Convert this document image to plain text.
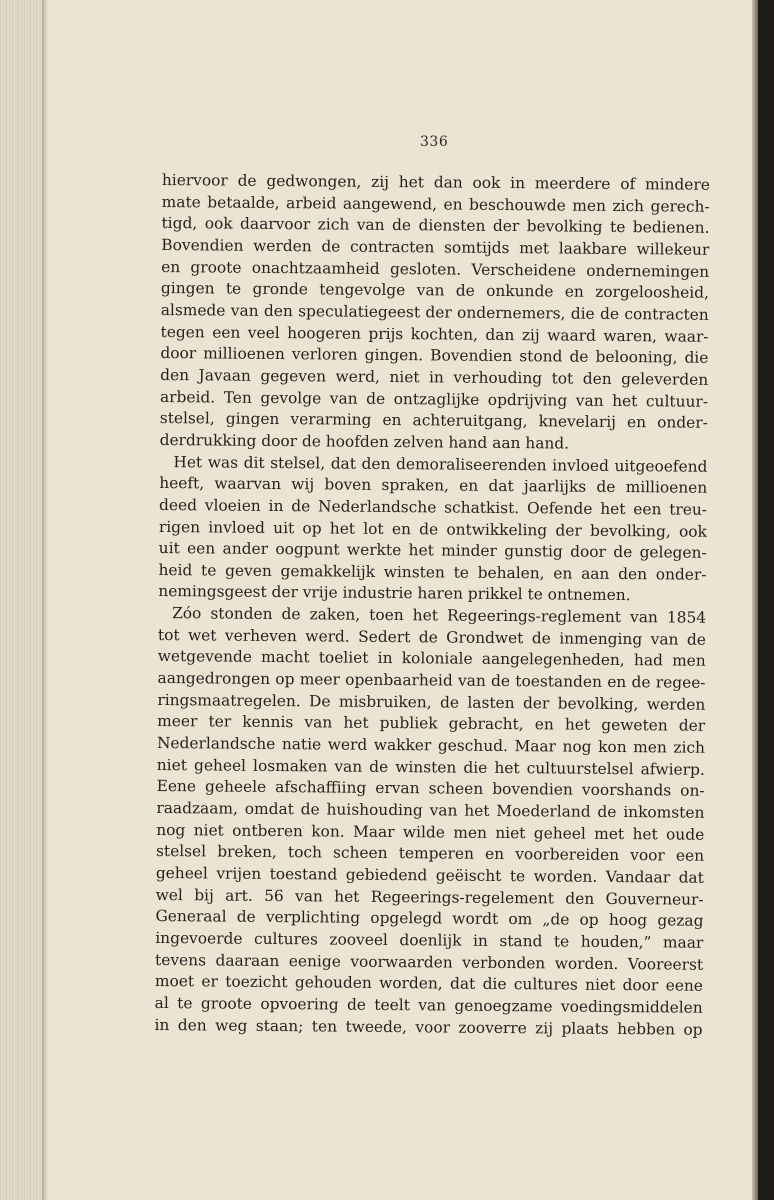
336
hiervoor de gedwongen, zij het dan ook in meerdere of mindere
mate betaalde, arbeid aangewend, en beschouwde men zich gerech-
tigd, ook daarvoor zich van de diensten der bevolking te bedienen.
Bovendien werden de contracten somtijds met laakbare willekeur
en groote onachtzaamheid gesloten. Verscheidene ondernemingen
gingen te gronde tengevolge van de onkunde en zorgeloosheid,
alsmede van den speculatiegeest der ondernemers, die de contracten
tegen een veel hoogeren prijs kochten, dan zij waard waren, waar-
door millioenen verloren gingen. Bovendien stond de belooning, die
den Javaan gegeven werd, niet in verhouding tot den geleverden
arbeid. Ten gevolge van de ontzaglijke opdrijving van het cultuur-
stelsel, gingen verarming en achteruitgang, knevelarij en onder-
derdrukking door de hoofden zelven hand aan hand.
Het was dit stelsel, dat den demoraliseerenden invloed uitgeoefend
heeft, waarvan wij boven spraken, en dat jaarlijks de millioenen
deed vloeien in de Nederlandsche schatkist. Oefende het een treu-
rigen invloed uit op het lot en de ontwikkeling der bevolking, ook
uit een ander oogpunt werkte het minder gunstig door de gelegen-
heid te geven gemakkelijk winsten te behalen, en aan den onder-
nemingsgeest der vrije industrie haren prikkel te ontnemen.
Zóo stonden de zaken, toen het Regeerings-reglement van 1854
tot wet verheven werd. Sedert de Grondwet de inmenging van de
wetgevende macht toeliet in koloniale aangelegenheden, had men
aangedrongen op meer openbaarheid van de toestanden en de regee-
ringsmaatregelen. De misbruiken, de lasten der bevolking, werden
meer ter kennis van het publiek gebracht, en het geweten der
Nederlandsche natie werd wakker geschud. Maar nog kon men zich
niet geheel losmaken van de winsten die het cultuurstelsel afwierp.
Eene geheele afschaffiing ervan scheen bovendien voorshands on-
raadzaam, omdat de huishouding van het Moederland de inkomsten
nog niet ontberen kon. Maar wilde men niet geheel met het oude
stelsel breken, toch scheen temperen en voorbereiden voor een
geheel vrijen toestand gebiedend geëischt te worden. Vandaar dat
wel bij art. 56 van het Regeerings-regelement den Gouverneur-
Generaal de verplichting opgelegd wordt om „de op hoog gezag
ingevoerde cultures zooveel doenlijk in stand te houden,” maar
tevens daaraan eenige voorwaarden verbonden worden. Vooreerst
moet er toezicht gehouden worden, dat die cultures niet door eene
al te groote opvoering de teelt van genoegzame voedingsmiddelen
in den weg staan; ten tweede, voor zooverre zij plaats hebben op
